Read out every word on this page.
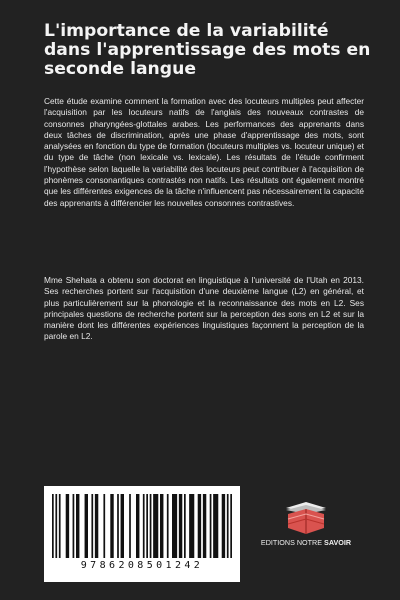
L'importance de la variabilité dans l'apprentissage des mots en seconde langue
Cette étude examine comment la formation avec des locuteurs multiples peut affecter l'acquisition par les locuteurs natifs de l'anglais des nouveaux contrastes de consonnes pharyngées-glottales arabes. Les performances des apprenants dans deux tâches de discrimination, après une phase d'apprentissage des mots, sont analysées en fonction du type de formation (locuteurs multiples vs. locuteur unique) et du type de tâche (non lexicale vs. lexicale). Les résultats de l'étude confirment l'hypothèse selon laquelle la variabilité des locuteurs peut contribuer à l'acquisition de phonèmes consonantiques contrastés non natifs. Les résultats ont également montré que les différentes exigences de la tâche n'influencent pas nécessairement la capacité des apprenants à différencier les nouvelles consonnes contrastives.
Mme Shehata a obtenu son doctorat en linguistique à l'université de l'Utah en 2013. Ses recherches portent sur l'acquisition d'une deuxième langue (L2) en général, et plus particulièrement sur la phonologie et la reconnaissance des mots en L2. Ses principales questions de recherche portent sur la perception des sons en L2 et sur la manière dont les différentes expériences linguistiques façonnent la perception de la parole en L2.
9786208501242
EDITIONS NOTRE SAVOIR
